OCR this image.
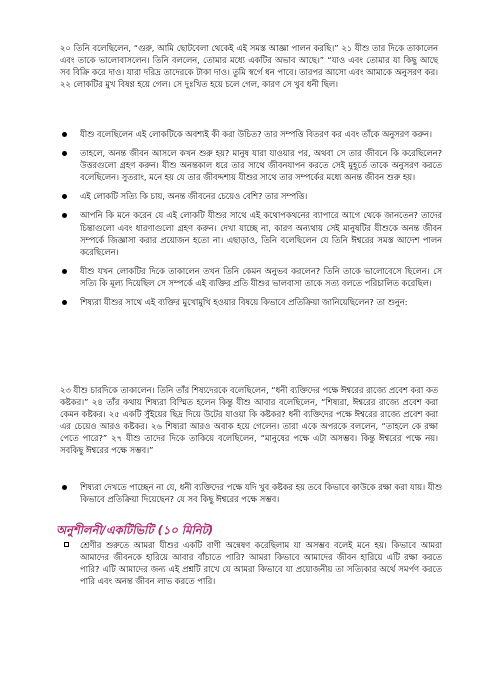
২০ তিনি বলেছিলেন, “গুরু, আমি ছোটবেলা থেকেই এই সমস্ত আজ্ঞা পালন করছি।” ২১ যীশু তার দিকে তাকালেন এবং তাকে ভালোবাসলেন। তিনি বললেন, তোমার মধ্যে একটির অভাব আছে।” “যাও এবং তোমার যা কিছু আছে সব বিক্রি করে দাও। যারা দরিদ্র তাদেরকে টাকা দাও। তুমি স্বর্গে ধন পাবে। তারপর আসো এবং আমাকে অনুসরণ কর। ২২ লোকটির মুখ বিষণ্ণ হয়ে গেল। সে দুঃখিত হয়ে চলে গেল, কারণ সে খুব ধনী ছিল।

যীশু বলেছিলেন এই লোকটিকে অবশ্যই কী করা উচিত? তার সম্পত্তি বিতরণ কর এবং তাঁকে অনুসরণ করুন।
তাহলে, অনন্ত জীবন আসলে কখন শুরু হয়? মানুষ যারা যাওয়ার পর, অথবা সে তার জীবনে কি করেছিলেন? উত্তরগুলো গ্রহণ করুন। যীশু অনন্তকাল ধরে তার সাথে জীবনযাপন করতে সেই মুহূর্তে তাকে অনুসরণ করতে বলেছিলেন। সুতরাং, মনে হয় যে তার জীবদ্দশায় যীশুর সাথে তার সম্পর্কের মধ্যে অনন্ত জীবন শুরু হয়।
এই লোকটি সত্যি কি চায়, অনন্ত জীবনের চেয়েও বেশি? তার সম্পত্তি।
আপনি কি মনে করেন যে এই লোকটি যীশুর সাথে এই কথোপকথনের ব্যাপারে আগে থেকে জানতেন? তাদের চিন্তাগুলো এবং ধারণাগুলো গ্রহণ করুন। দেখা যাচ্ছে না, কারণ অন্যথায় সেই মানুষটির যীশুকে অনন্ত জীবন সম্পর্কে জিজ্ঞাসা করার প্রয়োজন হতো না। এছাড়াও, তিনি বলেছিলেন যে তিনি ঈশ্বরের সমস্ত আদেশ পালন করেছিলেন।
যীশু যখন লোকটির দিকে তাকালেন তখন তিনি কেমন অনুভব করলেন? তিনি তাকে ভালোবেসে ছিলেন। সে সত্যি কি মূল্য দিয়েছিল সে সম্পর্কে এই ব্যক্তির প্রতি যীশুর ভালবাসা তাকে সত্য বলতে পরিচালিত করেছিল।
শিষ্যরা যীশুর সাথে এই ব্যক্তির মুখোমুখি হওয়ার বিষয়ে কিভাবে প্রতিক্রিয়া জানিয়েছিলেন? তা শুনুন:

২৩ যীশু চারদিকে তাকালেন। তিনি তাঁর শিষ্যদেরকে বলেছিলেন, “ধনী ব্যক্তিদের পক্ষে ঈশ্বরের রাজ্যে প্রবেশ করা কত কষ্টকর।” ২৪ তাঁর কথায় শিষ্যরা বিস্মিত হলেন কিন্তু যীশু আবার বলেছিলেন, “শিষ্যরা, ঈশ্বরের রাজ্যে প্রবেশ করা কেমন কষ্টকর। ২৫ একটি সুঁইয়ের ছিদ্র দিয়ে উটের যাওয়া কি কষ্টকর? ধনী ব্যক্তিদের পক্ষে ঈশ্বরের রাজ্যে প্রবেশ করা এর চেয়েও আরও কষ্টকর। ২৬ শিষ্যরা আরও অবাক হয়ে গেলেন। তারা একে অপরকে বললেন, “তাহলে কে রক্ষা পেতে পারে?” ২৭ যীশু তাদের দিকে তাকিয়ে বলেছিলেন, “মানুষের পক্ষে এটা অসম্ভব। কিন্তু ঈশ্বরের পক্ষে নয়। সবকিছু ঈশ্বরের পক্ষে সম্ভব।”

শিষ্যরা দেখতে পাচ্ছেন না যে, ধনী ব্যক্তিদের পক্ষে যদি খুব কষ্টকর হয় তবে কিভাবে কাউকে রক্ষা করা যায়। যীশু কিভাবে প্রতিক্রিয়া দিয়েছেন? যে সব কিছু ঈশ্বরের পক্ষে সম্ভব।
অনুশীলনী/একটিভিটি (১০ মিনিট)
শ্রেণীর শুরুতে আমরা যীশুর একটি বাণী অন্বেষণ করেছিলাম যা অসম্ভব বলেই মনে হয়। কিভাবে আমরা আমাদের জীবনকে হারিয়ে আবার বাঁচাতে পারি? আমরা কিভাবে আমাদের জীবন হারিয়ে এটি রক্ষা করতে পারি? এটি আমাদের জন্য এই প্রশ্নটি রাখে যে আমরা কিভাবে যা প্রয়োজনীয় তা সত্যিকার অর্থে সমর্পণ করতে পারি এবং অনন্ত জীবন লাভ করতে পারি।
